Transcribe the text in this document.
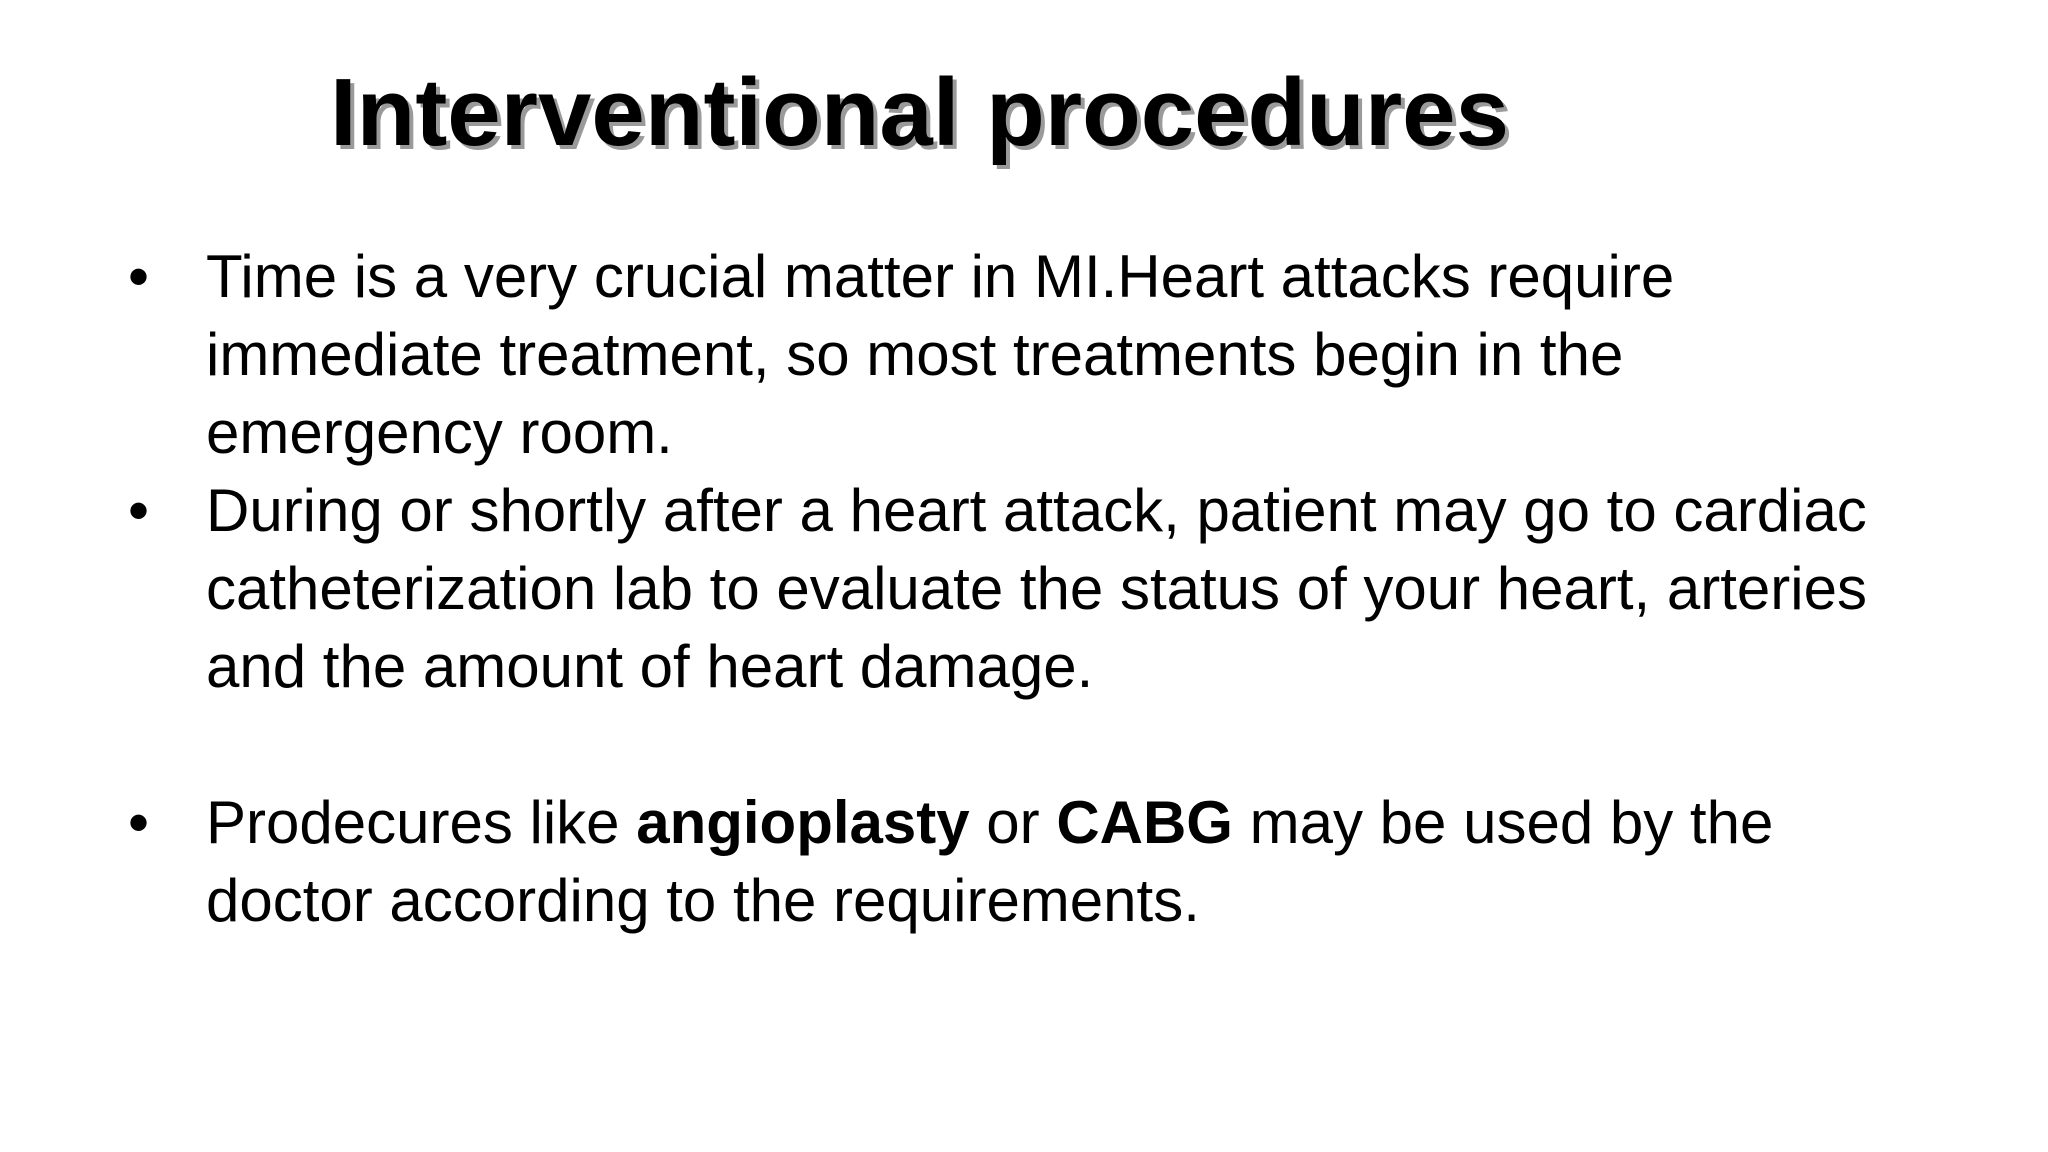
Interventional procedures
• Time is a very crucial matter in MI.Heart attacks require immediate treatment, so most treatments begin in the emergency room.
• During or shortly after a heart attack, patient may go to cardiac catheterization lab to evaluate the status of your heart, arteries and the amount of heart damage.
• Prodecures like angioplasty or CABG may be used by the doctor according to the requirements.
